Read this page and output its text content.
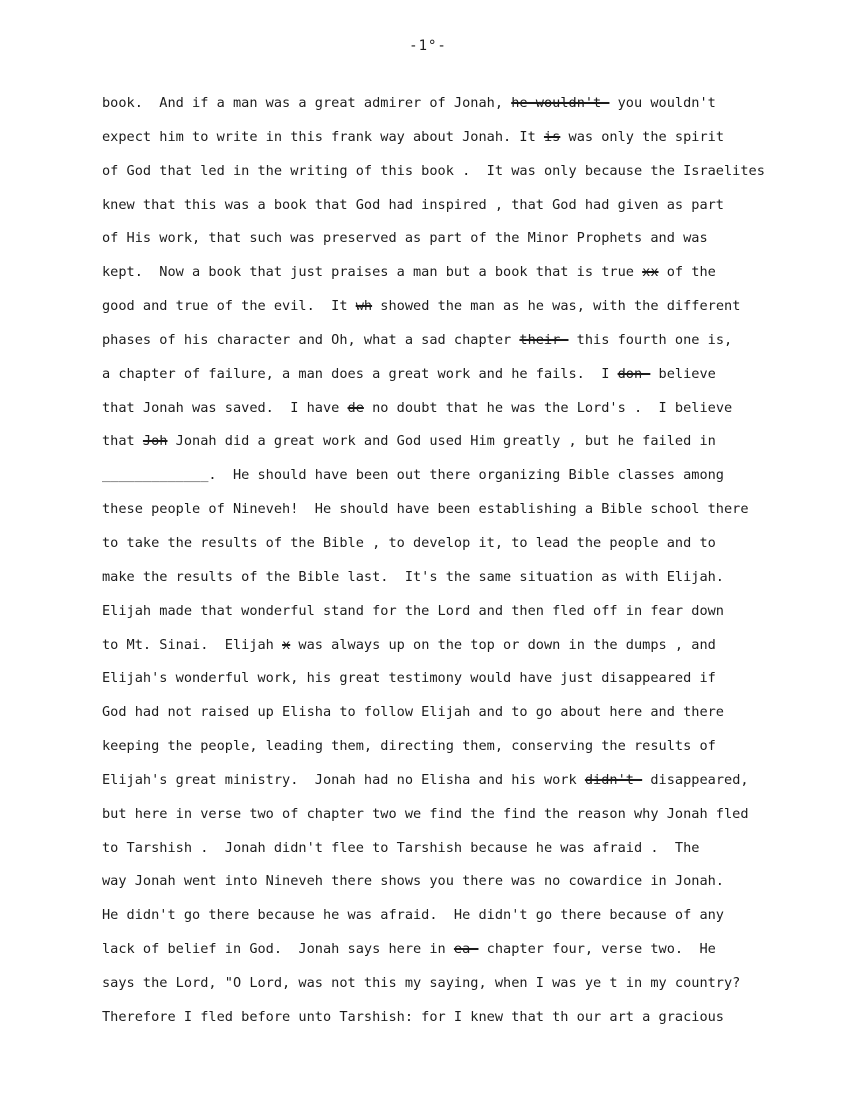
-1°-
book.  And if a man was a great admirer of Jonah, he-wouldn't- you wouldn't
expect him to write in this frank way about Jonah. It is was only the spirit
of God that led in the writing of this book .  It was only because the Israelites
knew that this was a book that God had inspired , that God had given as part
of His work, that such was preserved as part of the Minor Prophets and was
kept.  Now a book that just praises a man but a book that is true xx of the
good and true of the evil.  It wh showed the man as he was, with the different
phases of his character and Oh, what a sad chapter their- this fourth one is,
a chapter of failure, a man does a great work and he fails.  I don- believe
that Jonah was saved.  I have de no doubt that he was the Lord's .  I believe
that Joh Jonah did a great work and God used Him greatly , but he failed in
_____________.  He should have been out there organizing Bible classes among
these people of Nineveh!  He should have been establishing a Bible school there
to take the results of the Bible , to develop it, to lead the people and to
make the results of the Bible last.  It's the same situation as with Elijah.
Elijah made that wonderful stand for the Lord and then fled off in fear down
to Mt. Sinai.  Elijah x was always up on the top or down in the dumps , and
Elijah's wonderful work, his great testimony would have just disappeared if
God had not raised up Elisha to follow Elijah and to go about here and there
keeping the people, leading them, directing them, conserving the results of
Elijah's great ministry.  Jonah had no Elisha and his work didn't- disappeared,
but here in verse two of chapter two we find the find the reason why Jonah fled
to Tarshish .  Jonah didn't flee to Tarshish because he was afraid .  The
way Jonah went into Nineveh there shows you there was no cowardice in Jonah.
He didn't go there because he was afraid.  He didn't go there because of any
lack of belief in God.  Jonah says here in ea- chapter four, verse two.  He
says the Lord, "O Lord, was not this my saying, when I was ye t in my country?
Therefore I fled before unto Tarshish: for I knew that th our art a gracious
